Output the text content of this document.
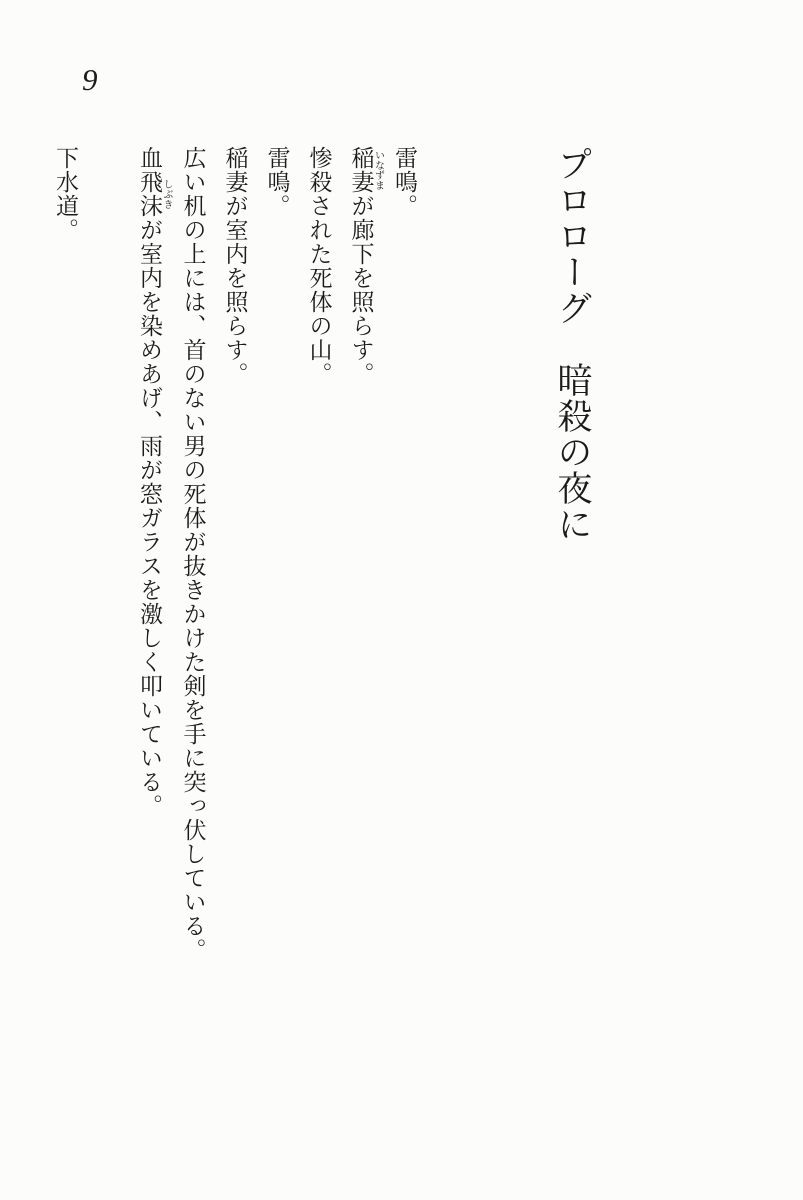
9
プロローグ　暗殺の夜に
雷鳴。
稲妻 いなずまが廊下を照らす。
惨殺された死体の山。
雷鳴。
稲妻が室内を照らす。
広い机の上には、首のない男の死体が抜きかけた剣を手に突っ伏している。
血飛沫 しぶきが室内を染めあげ、雨が窓ガラスを激しく叩いている。

下水道。
